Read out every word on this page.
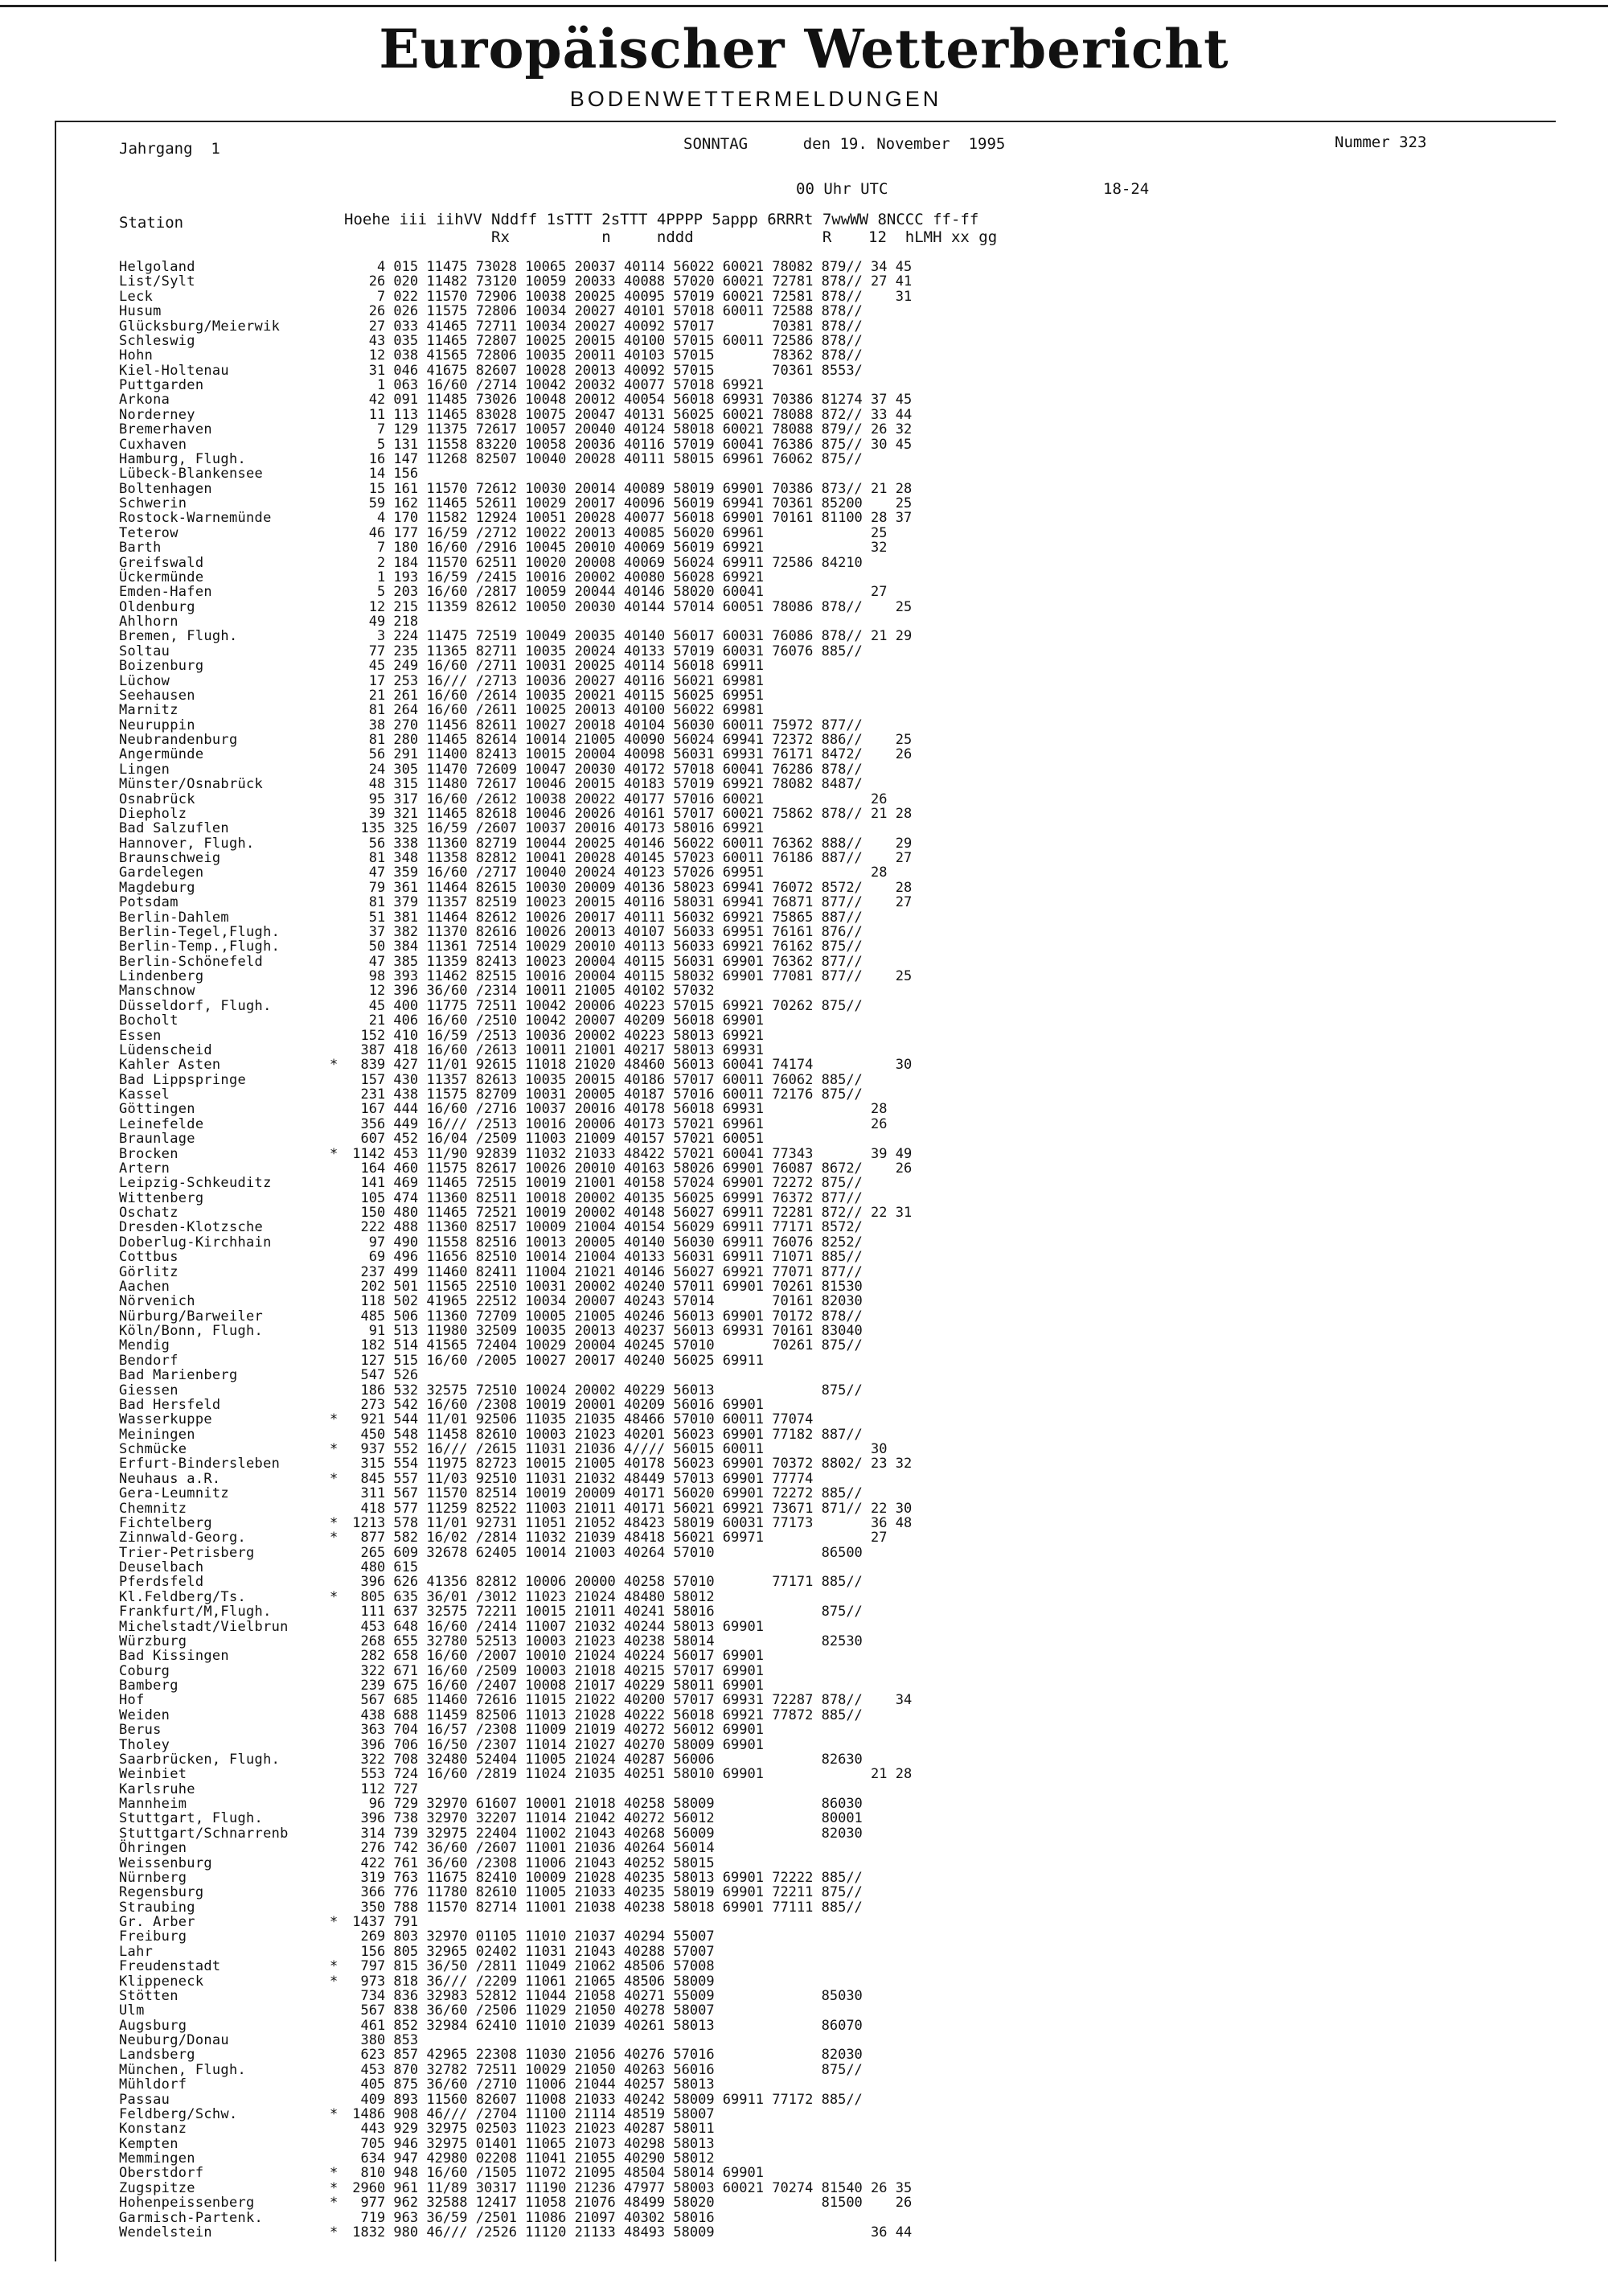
Europäischer Wetterbericht
BODENWETTERMELDUNGEN
Jahrgang  1	SONNTAG      den 19. November  1995	Nummer 323
00 Uhr UTC	18-24
Station	Hoehe iii iihVV Nddff 1sTTT 2sTTT 4PPPP 5appp 6RRRt 7wwWW 8NCCC ff-ff
Rx          n     nddd              R    12  hLMH xx gg
Helgoland	4 015 11475 73028 10065 20037 40114 56022 60021 78082 879// 34 45
List/Sylt	26 020 11482 73120 10059 20033 40088 57020 60021 72781 878// 27 41
Leck	7 022 11570 72906 10038 20025 40095 57019 60021 72581 878//    31
Husum	26 026 11575 72806 10034 20027 40101 57018 60011 72588 878//
Glücksburg/Meierwik	27 033 41465 72711 10034 20027 40092 57017       70381 878//
Schleswig	43 035 11465 72807 10025 20015 40100 57015 60011 72586 878//
Hohn	12 038 41565 72806 10035 20011 40103 57015       78362 878//
Kiel-Holtenau	31 046 41675 82607 10028 20013 40092 57015       70361 8553/
Puttgarden	1 063 16/60 /2714 10042 20032 40077 57018 69921
Arkona	42 091 11485 73026 10048 20012 40054 56018 69931 70386 81274 37 45
Norderney	11 113 11465 83028 10075 20047 40131 56025 60021 78088 872// 33 44
Bremerhaven	7 129 11375 72617 10057 20040 40124 58018 60021 78088 879// 26 32
Cuxhaven	5 131 11558 83220 10058 20036 40116 57019 60041 76386 875// 30 45
Hamburg, Flugh.	16 147 11268 82507 10040 20028 40111 58015 69961 76062 875//
Lübeck-Blankensee	14 156
Boltenhagen	15 161 11570 72612 10030 20014 40089 58019 69901 70386 873// 21 28
Schwerin	59 162 11465 52611 10029 20017 40096 56019 69941 70361 85200    25
Rostock-Warnemünde	4 170 11582 12924 10051 20028 40077 56018 69901 70161 81100 28 37
Teterow	46 177 16/59 /2712 10022 20013 40085 56020 69961             25
Barth	7 180 16/60 /2916 10045 20010 40069 56019 69921             32
Greifswald	2 184 11570 62511 10020 20008 40069 56024 69911 72586 84210
Ückermünde	1 193 16/59 /2415 10016 20002 40080 56028 69921
Emden-Hafen	5 203 16/60 /2817 10059 20044 40146 58020 60041             27
Oldenburg	12 215 11359 82612 10050 20030 40144 57014 60051 78086 878//    25
Ahlhorn	49 218
Bremen, Flugh.	3 224 11475 72519 10049 20035 40140 56017 60031 76086 878// 21 29
Soltau	77 235 11365 82711 10035 20024 40133 57019 60031 76076 885//
Boizenburg	45 249 16/60 /2711 10031 20025 40114 56018 69911
Lüchow	17 253 16/// /2713 10036 20027 40116 56021 69981
Seehausen	21 261 16/60 /2614 10035 20021 40115 56025 69951
Marnitz	81 264 16/60 /2611 10025 20013 40100 56022 69981
Neuruppin	38 270 11456 82611 10027 20018 40104 56030 60011 75972 877//
Neubrandenburg	81 280 11465 82614 10014 21005 40090 56024 69941 72372 886//    25
Angermünde	56 291 11400 82413 10015 20004 40098 56031 69931 76171 8472/    26
Lingen	24 305 11470 72609 10047 20030 40172 57018 60041 76286 878//
Münster/Osnabrück	48 315 11480 72617 10046 20015 40183 57019 69921 78082 8487/
Osnabrück	95 317 16/60 /2612 10038 20022 40177 57016 60021             26
Diepholz	39 321 11465 82618 10046 20026 40161 57017 60021 75862 878// 21 28
Bad Salzuflen	135 325 16/59 /2607 10037 20016 40173 58016 69921
Hannover, Flugh.	56 338 11360 82719 10044 20025 40146 56022 60011 76362 888//    29
Braunschweig	81 348 11358 82812 10041 20028 40145 57023 60011 76186 887//    27
Gardelegen	47 359 16/60 /2717 10040 20024 40123 57026 69951             28
Magdeburg	79 361 11464 82615 10030 20009 40136 58023 69941 76072 8572/    28
Potsdam	81 379 11357 82519 10023 20015 40116 58031 69941 76871 877//    27
Berlin-Dahlem	51 381 11464 82612 10026 20017 40111 56032 69921 75865 887//
Berlin-Tegel,Flugh.	37 382 11370 82616 10026 20013 40107 56033 69951 76161 876//
Berlin-Temp.,Flugh.	50 384 11361 72514 10029 20010 40113 56033 69921 76162 875//
Berlin-Schönefeld	47 385 11359 82413 10023 20004 40115 56031 69901 76362 877//
Lindenberg	98 393 11462 82515 10016 20004 40115 58032 69901 77081 877//    25
Manschnow	12 396 36/60 /2314 10011 21005 40102 57032
Düsseldorf, Flugh.	45 400 11775 72511 10042 20006 40223 57015 69921 70262 875//
Bocholt	21 406 16/60 /2510 10042 20007 40209 56018 69901
Essen	152 410 16/59 /2513 10036 20002 40223 58013 69921
Lüdenscheid	387 418 16/60 /2613 10011 21001 40217 58013 69931
Kahler Asten	* 839 427 11/01 92615 11018 21020 48460 56013 60041 74174          30
Bad Lippspringe	157 430 11357 82613 10035 20015 40186 57017 60011 76062 885//
Kassel	231 438 11575 82709 10031 20005 40187 57016 60011 72176 875//
Göttingen	167 444 16/60 /2716 10037 20016 40178 56018 69931             28
Leinefelde	356 449 16/// /2513 10016 20006 40173 57021 69961             26
Braunlage	607 452 16/04 /2509 11003 21009 40157 57021 60051
Brocken	* 1142 453 11/90 92839 11032 21033 48422 57021 60041 77343       39 49
Artern	164 460 11575 82617 10026 20010 40163 58026 69901 76087 8672/    26
Leipzig-Schkeuditz	141 469 11465 72515 10019 21001 40158 57024 69901 72272 875//
Wittenberg	105 474 11360 82511 10018 20002 40135 56025 69991 76372 877//
Oschatz	150 480 11465 72521 10019 20002 40148 56027 69911 72281 872// 22 31
Dresden-Klotzsche	222 488 11360 82517 10009 21004 40154 56029 69911 77171 8572/
Doberlug-Kirchhain	97 490 11558 82516 10013 20005 40140 56030 69911 76076 8252/
Cottbus	69 496 11656 82510 10014 21004 40133 56031 69911 71071 885//
Görlitz	237 499 11460 82411 11004 21021 40146 56027 69921 77071 877//
Aachen	202 501 11565 22510 10031 20002 40240 57011 69901 70261 81530
Nörvenich	118 502 41965 22512 10034 20007 40243 57014       70161 82030
Nürburg/Barweiler	485 506 11360 72709 10005 21005 40246 56013 69901 70172 878//
Köln/Bonn, Flugh.	91 513 11980 32509 10035 20013 40237 56013 69931 70161 83040
Mendig	182 514 41565 72404 10029 20004 40245 57010       70261 875//
Bendorf	127 515 16/60 /2005 10027 20017 40240 56025 69911
Bad Marienberg	547 526
Giessen	186 532 32575 72510 10024 20002 40229 56013             875//
Bad Hersfeld	273 542 16/60 /2308 10019 20001 40209 56016 69901
Wasserkuppe	* 921 544 11/01 92506 11035 21035 48466 57010 60011 77074
Meiningen	450 548 11458 82610 10003 21023 40201 56023 69901 77182 887//
Schmücke	* 937 552 16/// /2615 11031 21036 4//// 56015 60011             30
Erfurt-Bindersleben	315 554 11975 82723 10015 21005 40178 56023 69901 70372 8802/ 23 32
Neuhaus a.R.	* 845 557 11/03 92510 11031 21032 48449 57013 69901 77774
Gera-Leumnitz	311 567 11570 82514 10019 20009 40171 56020 69901 72272 885//
Chemnitz	418 577 11259 82522 11003 21011 40171 56021 69921 73671 871// 22 30
Fichtelberg	* 1213 578 11/01 92731 11051 21052 48423 58019 60031 77173       36 48
Zinnwald-Georg.	* 877 582 16/02 /2814 11032 21039 48418 56021 69971             27
Trier-Petrisberg	265 609 32678 62405 10014 21003 40264 57010             86500
Deuselbach	480 615
Pferdsfeld	396 626 41356 82812 10006 20000 40258 57010       77171 885//
Kl.Feldberg/Ts.	* 805 635 36/01 /3012 11023 21024 48480 58012
Frankfurt/M,Flugh.	111 637 32575 72211 10015 21011 40241 58016             875//
Michelstadt/Vielbrun	453 648 16/60 /2414 11007 21032 40244 58013 69901
Würzburg	268 655 32780 52513 10003 21023 40238 58014             82530
Bad Kissingen	282 658 16/60 /2007 10010 21024 40224 56017 69901
Coburg	322 671 16/60 /2509 10003 21018 40215 57017 69901
Bamberg	239 675 16/60 /2407 10008 21017 40229 58011 69901
Hof	567 685 11460 72616 11015 21022 40200 57017 69931 72287 878//    34
Weiden	438 688 11459 82506 11013 21028 40222 56018 69921 77872 885//
Berus	363 704 16/57 /2308 11009 21019 40272 56012 69901
Tholey	396 706 16/50 /2307 11014 21027 40270 58009 69901
Saarbrücken, Flugh.	322 708 32480 52404 11005 21024 40287 56006             82630
Weinbiet	553 724 16/60 /2819 11024 21035 40251 58010 69901             21 28
Karlsruhe	112 727
Mannheim	96 729 32970 61607 10001 21018 40258 58009             86030
Stuttgart, Flugh.	396 738 32970 32207 11014 21042 40272 56012             80001
Stuttgart/Schnarrenb	314 739 32975 22404 11002 21043 40268 56009             82030
Öhringen	276 742 36/60 /2607 11001 21036 40264 56014
Weissenburg	422 761 36/60 /2308 11006 21043 40252 58015
Nürnberg	319 763 11675 82410 10009 21028 40235 58013 69901 72222 885//
Regensburg	366 776 11780 82610 11005 21033 40235 58019 69901 72211 875//
Straubing	350 788 11570 82714 11001 21038 40238 58018 69901 77111 885//
Gr. Arber	* 1437 791
Freiburg	269 803 32970 01105 11010 21037 40294 55007
Lahr	156 805 32965 02402 11031 21043 40288 57007
Freudenstadt	* 797 815 36/50 /2811 11049 21062 48506 57008
Klippeneck	* 973 818 36/// /2209 11061 21065 48506 58009
Stötten	734 836 32983 52812 11044 21058 40271 55009             85030
Ulm	567 838 36/60 /2506 11029 21050 40278 58007
Augsburg	461 852 32984 62410 11010 21039 40261 58013             86070
Neuburg/Donau	380 853
Landsberg	623 857 42965 22308 11030 21056 40276 57016             82030
München, Flugh.	453 870 32782 72511 10029 21050 40263 56016             875//
Mühldorf	405 875 36/60 /2710 11006 21044 40257 58013
Passau	409 893 11560 82607 11008 21033 40242 58009 69911 77172 885//
Feldberg/Schw.	* 1486 908 46/// /2704 11100 21114 48519 58007
Konstanz	443 929 32975 02503 11023 21023 40287 58011
Kempten	705 946 32975 01401 11065 21073 40298 58013
Memmingen	634 947 42980 02208 11041 21055 40290 58012
Oberstdorf	* 810 948 16/60 /1505 11072 21095 48504 58014 69901
Zugspitze	* 2960 961 11/89 30317 11190 21236 47977 58003 60021 70274 81540 26 35
Hohenpeissenberg	* 977 962 32588 12417 11058 21076 48499 58020             81500    26
Garmisch-Partenk.	719 963 36/59 /2501 11086 21097 40302 58016
Wendelstein	* 1832 980 46/// /2526 11120 21133 48493 58009                   36 44
